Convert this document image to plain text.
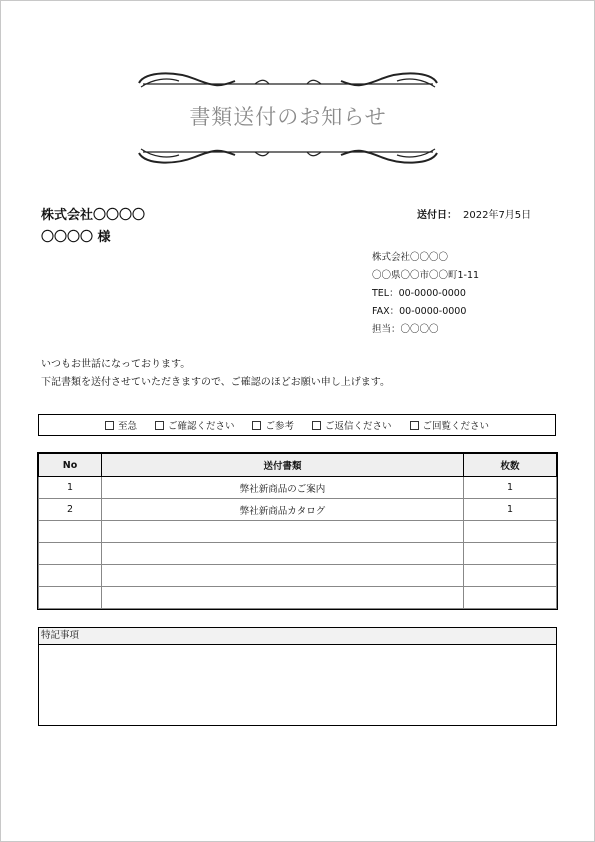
書類送付のお知らせ
株式会社〇〇〇〇
〇〇〇〇 様
送付日： 2022年7月5日
株式会社〇〇〇〇
〇〇県〇〇市〇〇町1-11
TEL：00-0000-0000
FAX：00-0000-0000
担当：〇〇〇〇
いつもお世話になっております。
下記書類を送付させていただきますので、ご確認のほどお願い申し上げます。
至急	ご確認ください	ご参考	ご返信ください	ご回覧ください
No	送付書類	枚数
1	弊社新商品のご案内	1
2	弊社新商品カタログ	1

特記事項
